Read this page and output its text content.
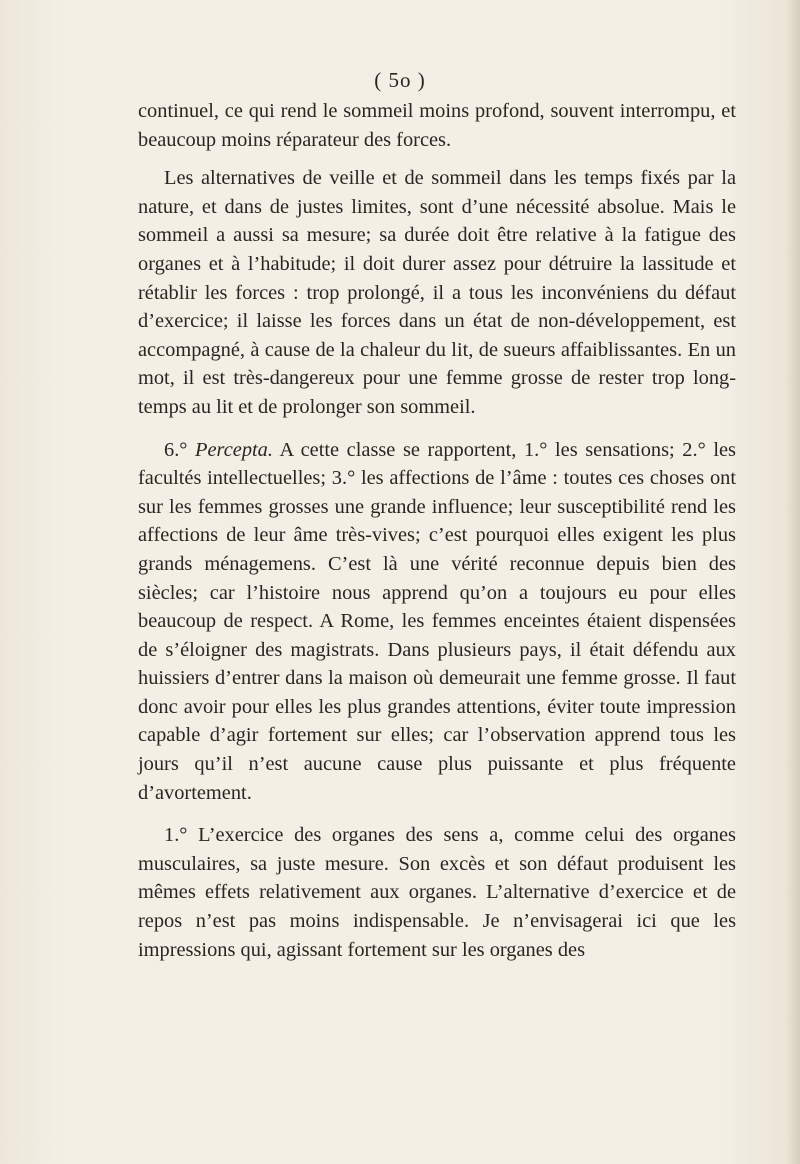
( 5o )

continuel, ce qui rend le sommeil moins profond, souvent interrompu, et beaucoup moins réparateur des forces.

Les alternatives de veille et de sommeil dans les temps fixés par la nature, et dans de justes limites, sont d’une nécessité absolue. Mais le sommeil a aussi sa mesure; sa durée doit être relative à la fatigue des organes et à l’habitude; il doit durer assez pour détruire la lassitude et rétablir les forces : trop prolongé, il a tous les inconvéniens du défaut d’exercice; il laisse les forces dans un état de non-développement, est accompagné, à cause de la chaleur du lit, de sueurs affaiblissantes. En un mot, il est très-dangereux pour une femme grosse de rester trop long-temps au lit et de prolonger son sommeil.

6.° Percepta. A cette classe se rapportent, 1.° les sensations; 2.° les facultés intellectuelles; 3.° les affections de l’âme : toutes ces choses ont sur les femmes grosses une grande influence; leur susceptibilité rend les affections de leur âme très-vives; c’est pourquoi elles exigent les plus grands ménagemens. C’est là une vérité reconnue depuis bien des siècles; car l’histoire nous apprend qu’on a toujours eu pour elles beaucoup de respect. A Rome, les femmes enceintes étaient dispensées de s’éloigner des magistrats. Dans plusieurs pays, il était défendu aux huissiers d’entrer dans la maison où demeurait une femme grosse. Il faut donc avoir pour elles les plus grandes attentions, éviter toute impression capable d’agir fortement sur elles; car l’observation apprend tous les jours qu’il n’est aucune cause plus puissante et plus fréquente d’avortement.

1.° L’exercice des organes des sens a, comme celui des organes musculaires, sa juste mesure. Son excès et son défaut produisent les mêmes effets relativement aux organes. L’alternative d’exercice et de repos n’est pas moins indispensable. Je n’envisagerai ici que les impressions qui, agissant fortement sur les organes des
